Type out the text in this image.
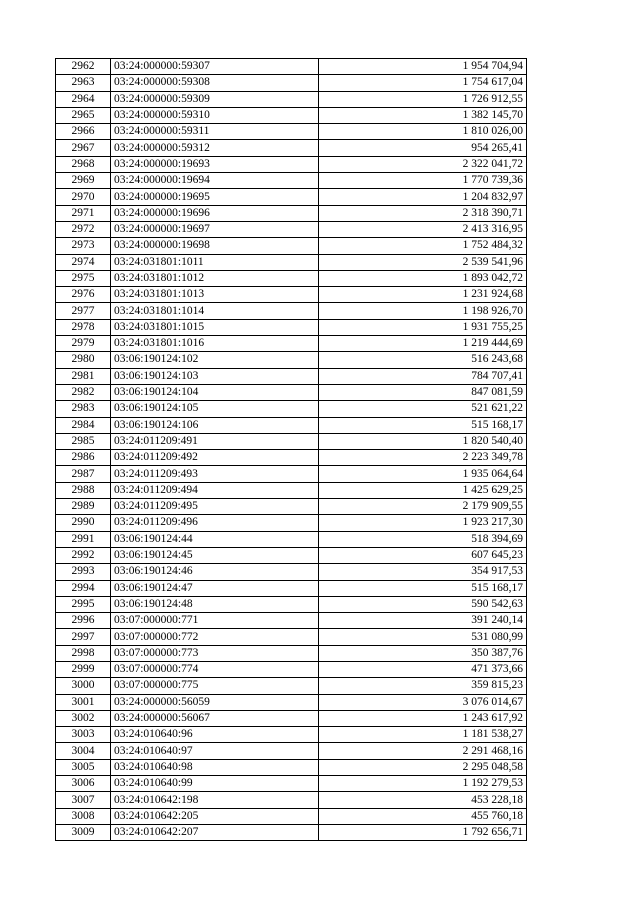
2962	03:24:000000:59307	1 954 704,94
2963	03:24:000000:59308	1 754 617,04
2964	03:24:000000:59309	1 726 912,55
2965	03:24:000000:59310	1 382 145,70
2966	03:24:000000:59311	1 810 026,00
2967	03:24:000000:59312	954 265,41
2968	03:24:000000:19693	2 322 041,72
2969	03:24:000000:19694	1 770 739,36
2970	03:24:000000:19695	1 204 832,97
2971	03:24:000000:19696	2 318 390,71
2972	03:24:000000:19697	2 413 316,95
2973	03:24:000000:19698	1 752 484,32
2974	03:24:031801:1011	2 539 541,96
2975	03:24:031801:1012	1 893 042,72
2976	03:24:031801:1013	1 231 924,68
2977	03:24:031801:1014	1 198 926,70
2978	03:24:031801:1015	1 931 755,25
2979	03:24:031801:1016	1 219 444,69
2980	03:06:190124:102	516 243,68
2981	03:06:190124:103	784 707,41
2982	03:06:190124:104	847 081,59
2983	03:06:190124:105	521 621,22
2984	03:06:190124:106	515 168,17
2985	03:24:011209:491	1 820 540,40
2986	03:24:011209:492	2 223 349,78
2987	03:24:011209:493	1 935 064,64
2988	03:24:011209:494	1 425 629,25
2989	03:24:011209:495	2 179 909,55
2990	03:24:011209:496	1 923 217,30
2991	03:06:190124:44	518 394,69
2992	03:06:190124:45	607 645,23
2993	03:06:190124:46	354 917,53
2994	03:06:190124:47	515 168,17
2995	03:06:190124:48	590 542,63
2996	03:07:000000:771	391 240,14
2997	03:07:000000:772	531 080,99
2998	03:07:000000:773	350 387,76
2999	03:07:000000:774	471 373,66
3000	03:07:000000:775	359 815,23
3001	03:24:000000:56059	3 076 014,67
3002	03:24:000000:56067	1 243 617,92
3003	03:24:010640:96	1 181 538,27
3004	03:24:010640:97	2 291 468,16
3005	03:24:010640:98	2 295 048,58
3006	03:24:010640:99	1 192 279,53
3007	03:24:010642:198	453 228,18
3008	03:24:010642:205	455 760,18
3009	03:24:010642:207	1 792 656,71
